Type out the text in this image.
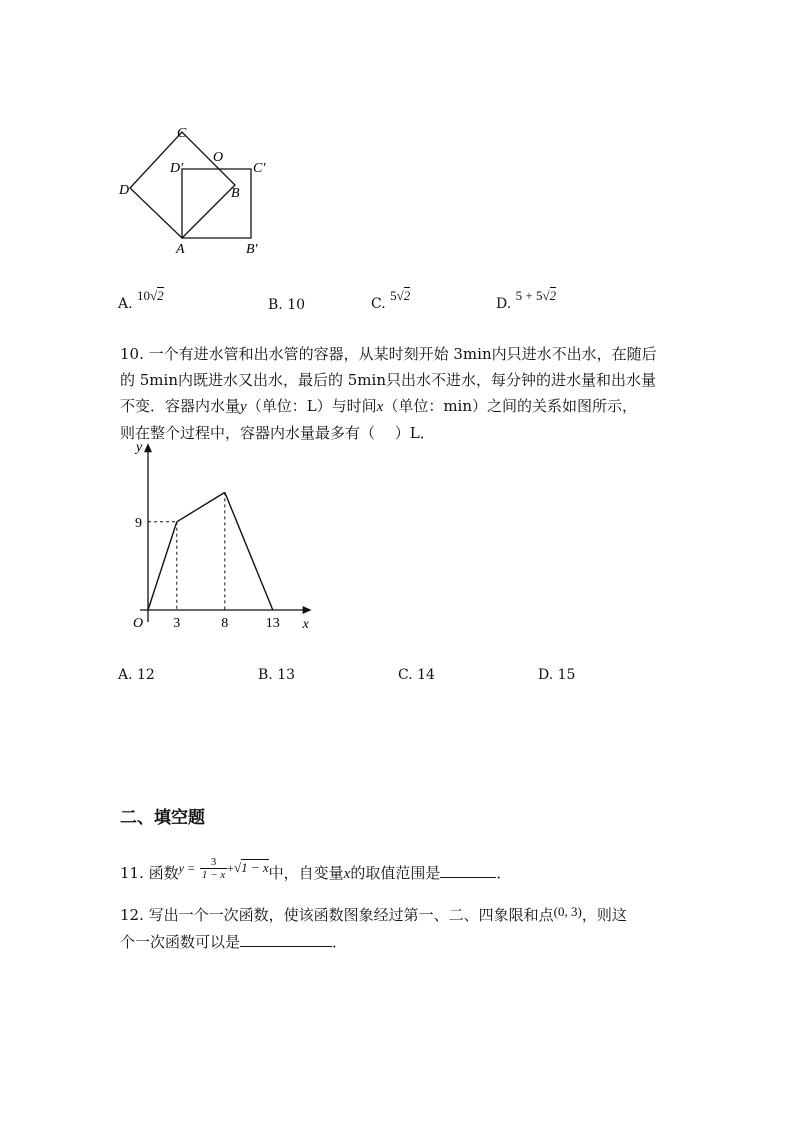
C
O
D′	C′
D	B
A	B′
A. 10√2
B. 10	C. 5√2
D. 5 + 5√2
10. 一个有进水管和出水管的容器，从某时刻开始 3min内只进水不出水，在随后
的 5min内既进水又出水，最后的 5min只出水不进水，每分钟的进水量和出水量
不变．容器内水量y（单位：L）与时间x（单位：min）之间的关系如图所示，
则在整个过程中，容器内水量最多有（　 ）L．
x
y
O 3	8	13
9
A. 12	B. 13	C. 14	D. 15
二、填空题
11. 函数$^{y =} \frac{3}{1 - x} ^+√1 - x$中，自变量x的取值范围是	．
12. 写出一个一次函数，使该函数图象经过第一、二、四象限和点(0, 3)，则这
个一次函数可以是	．
